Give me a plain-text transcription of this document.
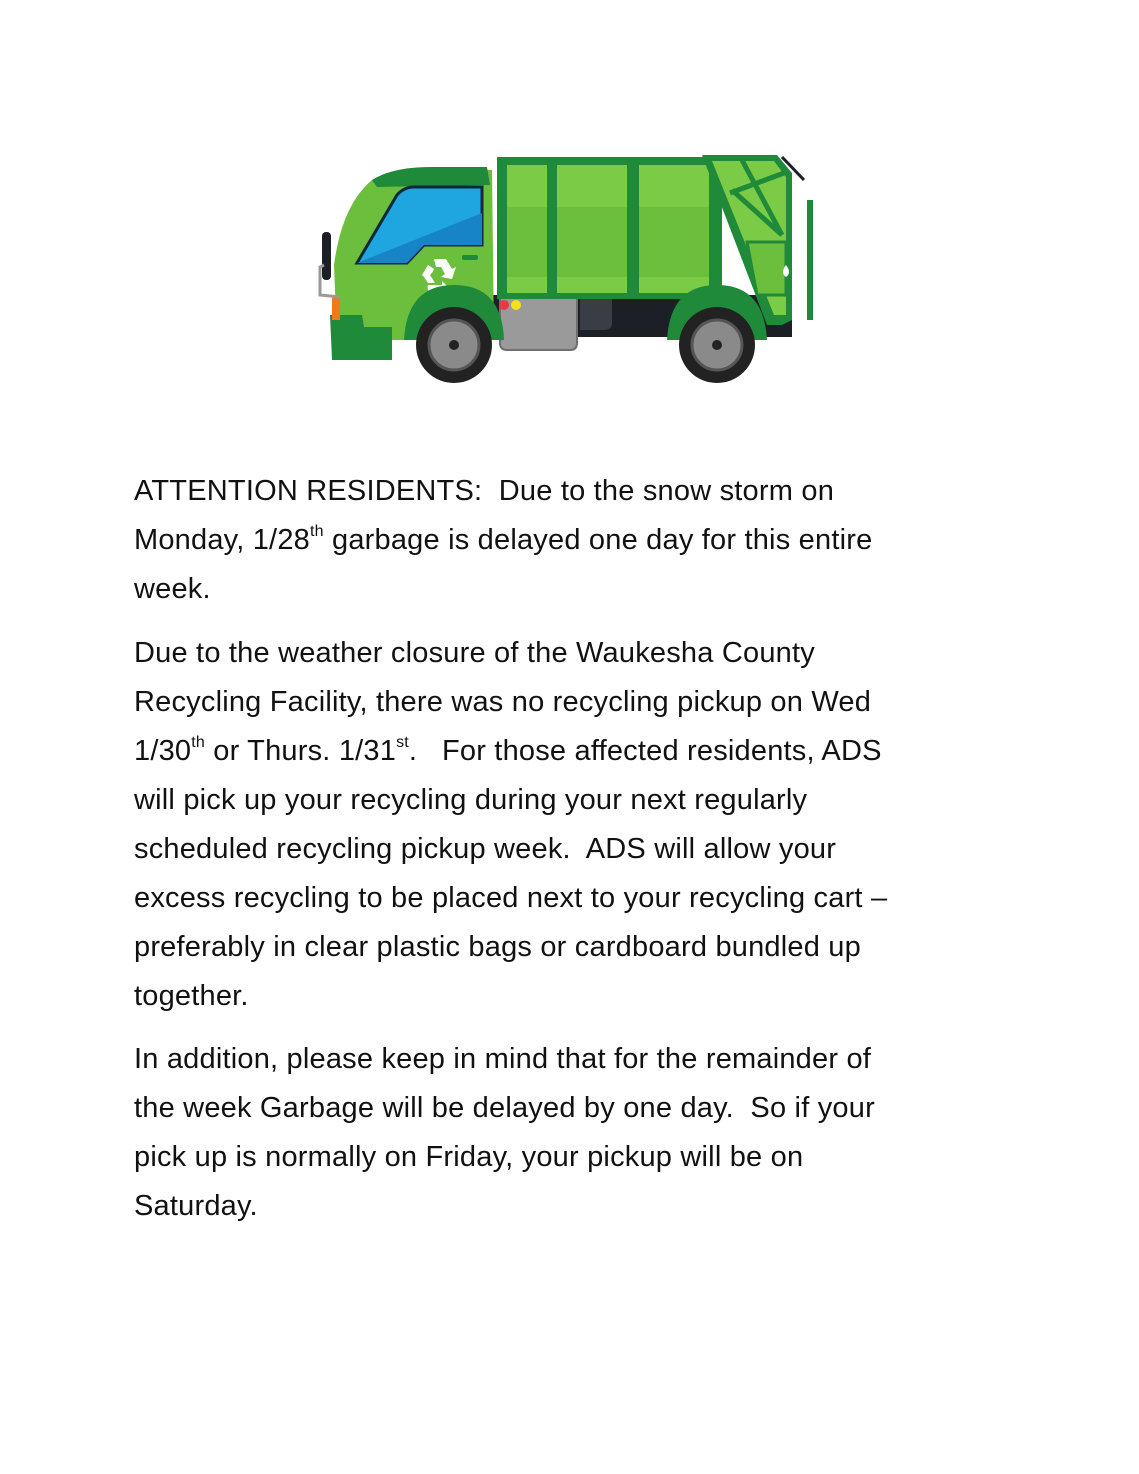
ATTENTION RESIDENTS:  Due to the snow storm on
Monday, 1/28th garbage is delayed one day for this entire
week.
Due to the weather closure of the Waukesha County
Recycling Facility, there was no recycling pickup on Wed
1/30th or Thurs. 1/31st.   For those affected residents, ADS
will pick up your recycling during your next regularly
scheduled recycling pickup week.  ADS will allow your
excess recycling to be placed next to your recycling cart –
preferably in clear plastic bags or cardboard bundled up
together.
In addition, please keep in mind that for the remainder of
the week Garbage will be delayed by one day.  So if your
pick up is normally on Friday, your pickup will be on
Saturday.
